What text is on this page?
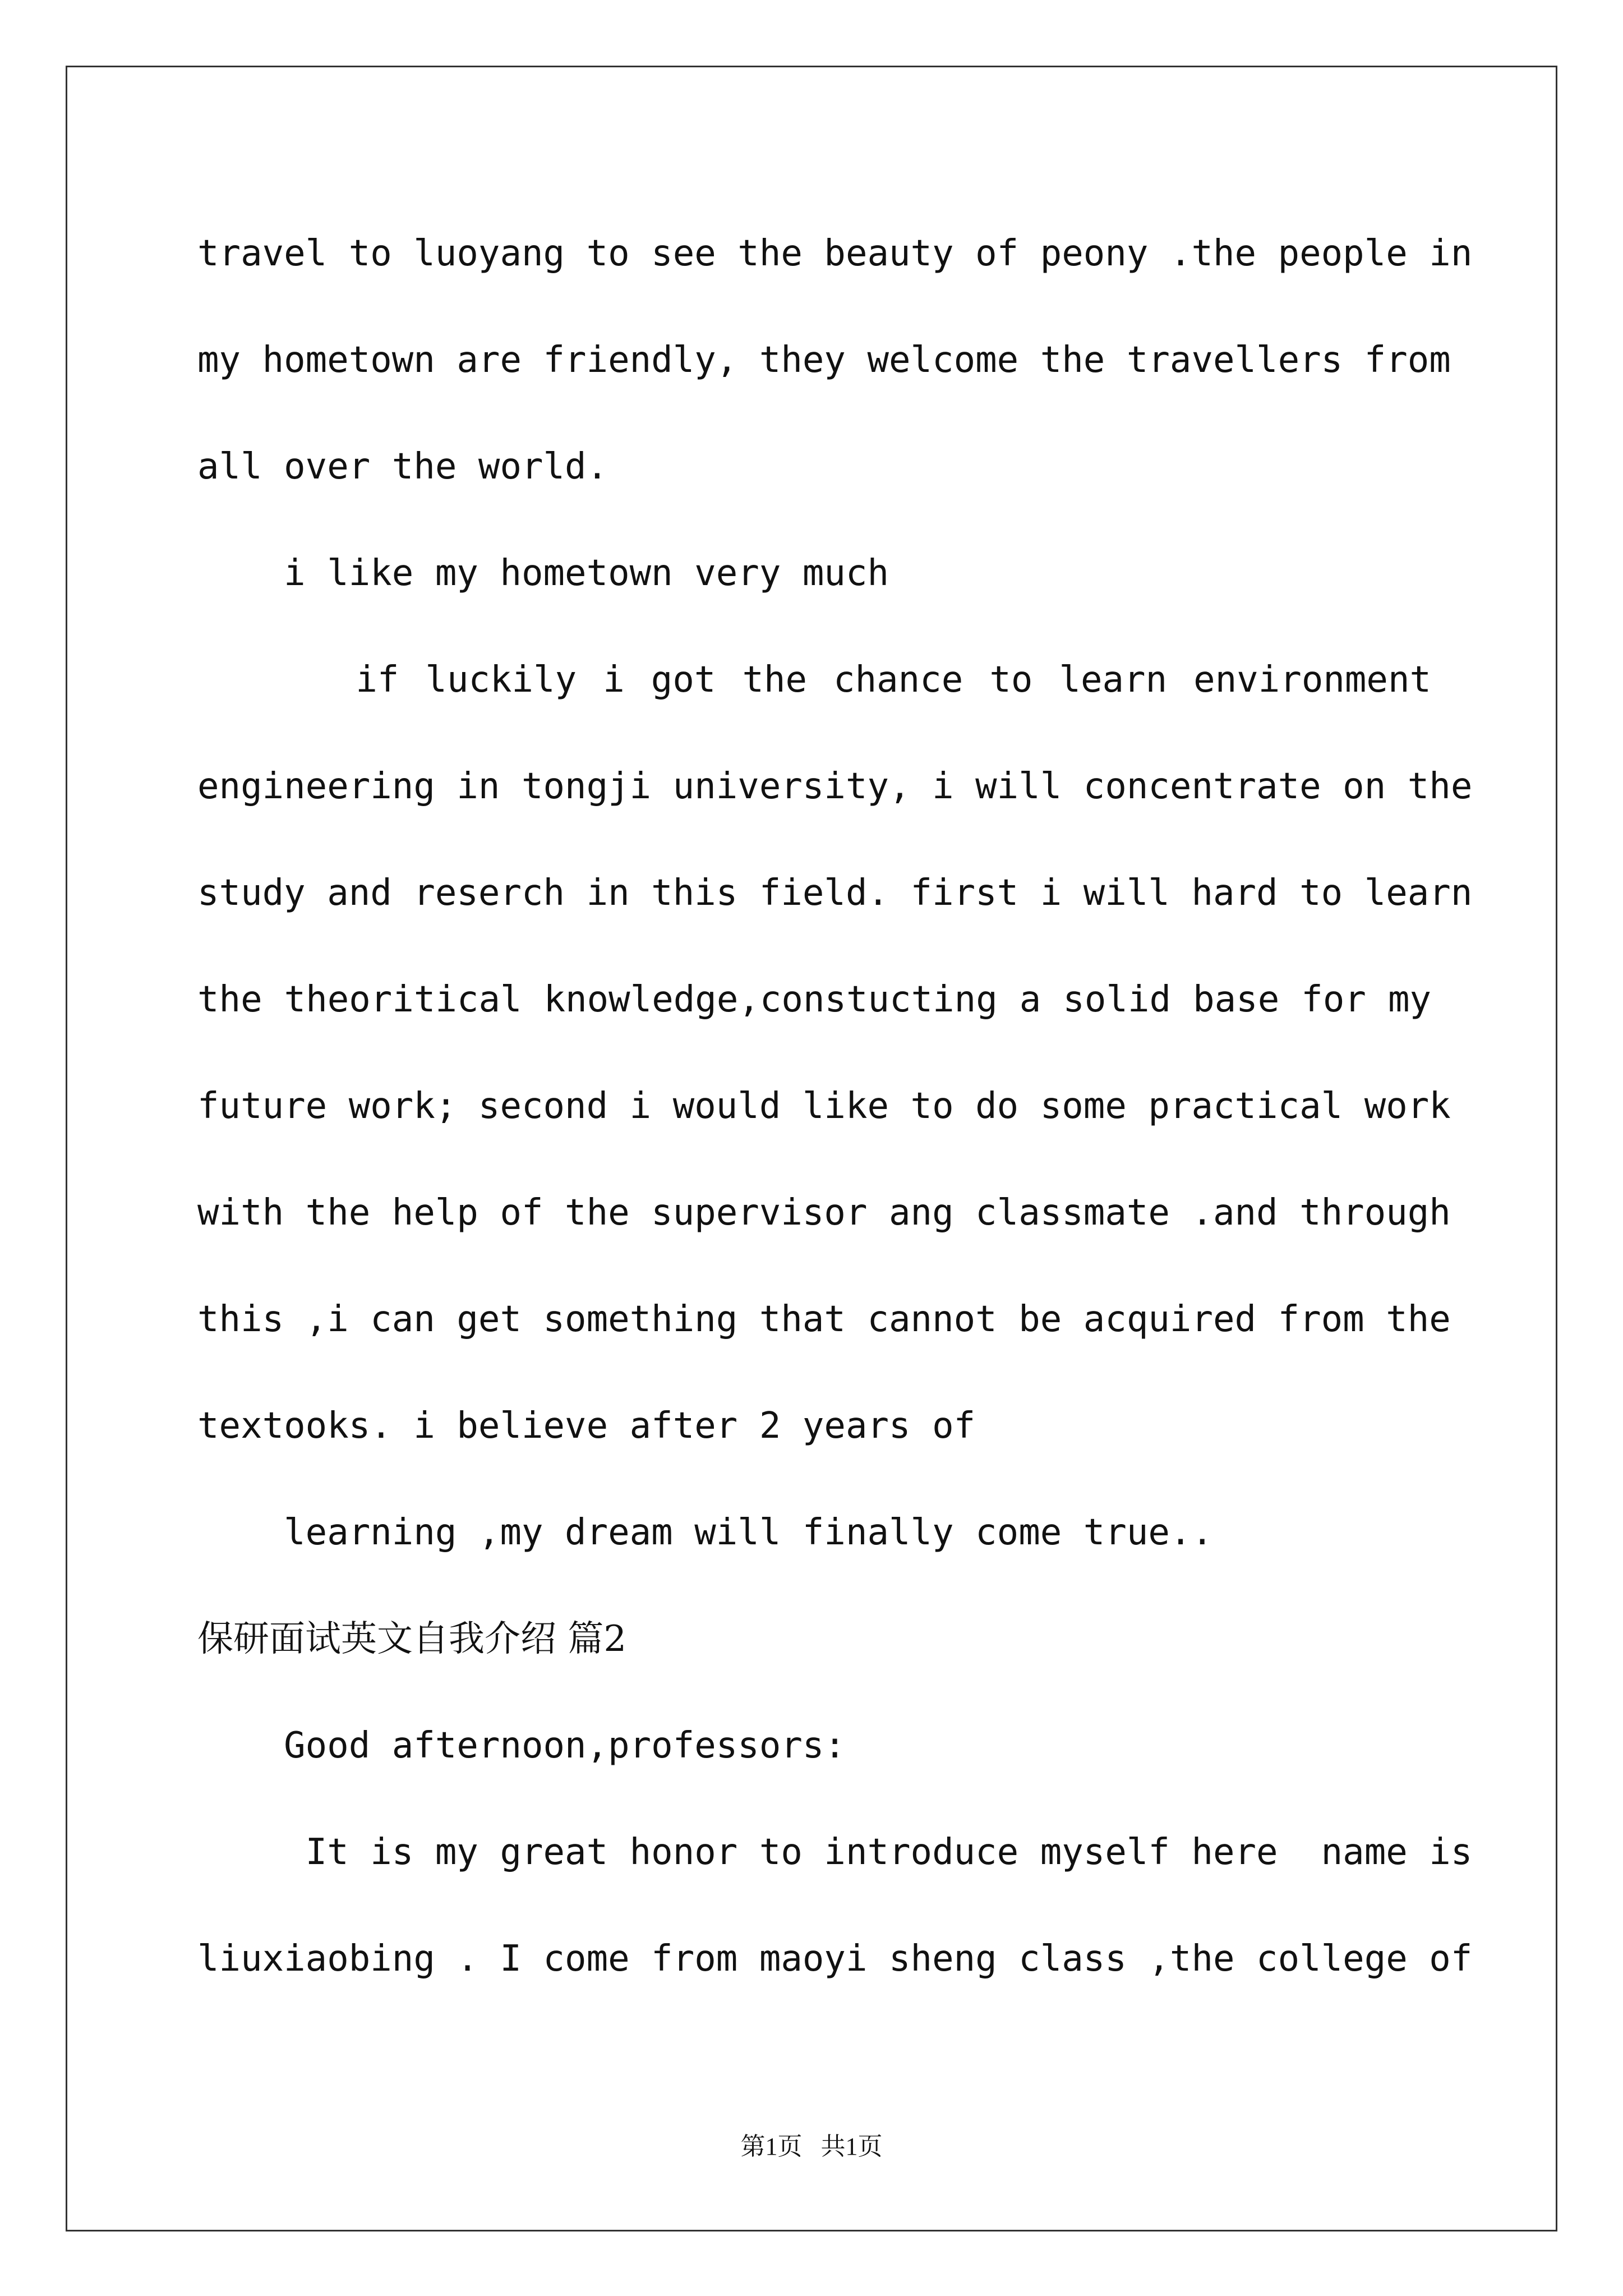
travel to luoyang to see the beauty of peony .the people in
my hometown are friendly, they welcome the travellers from
all over the world.
i like my hometown very much
if luckily i got the chance to learn environment
engineering in tongji university, i will concentrate on the
study and reserch in this field. first i will hard to learn
the theoritical knowledge,constucting a solid base for my
future work; second i would like to do some practical work
with the help of the supervisor ang classmate .and through
this ,i can get something that cannot be acquired from the
textooks. i believe after 2 years of
learning ,my dream will finally come true..
保研面试英文自我介绍 篇2
Good afternoon,professors:
It is my great honor to introduce myself here  name is
liuxiaobing . I come from maoyi sheng class ,the college of
第1页   共1页
